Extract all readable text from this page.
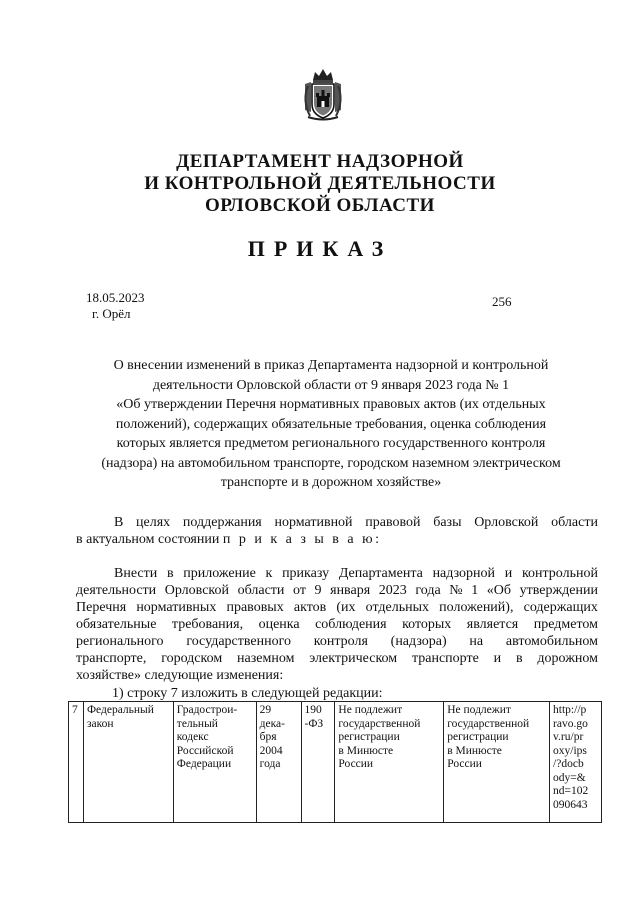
ДЕПАРТАМЕНТ НАДЗОРНОЙ
И КОНТРОЛЬНОЙ ДЕЯТЕЛЬНОСТИ
ОРЛОВСКОЙ ОБЛАСТИ
ПРИКАЗ
18.05.2023
г. Орёл
256
О внесении изменений в приказ Департамента надзорной и контрольной
деятельности Орловской области от 9 января 2023 года № 1
«Об утверждении Перечня нормативных правовых актов (их отдельных
положений), содержащих обязательные требования, оценка соблюдения
которых является предметом регионального государственного контроля
(надзора) на автомобильном транспорте, городском наземном электрическом
транспорте и в дорожном хозяйстве»
В целях поддержания нормативной правовой базы Орловской области
в актуальном состоянии
п р и к а з ы в а ю:
Внести в приложение к приказу Департамента надзорной и контрольной
деятельности Орловской области от 9 января 2023 года № 1 «Об утверждении
Перечня нормативных правовых актов (их отдельных положений), содержащих
обязательные требования, оценка соблюдения которых является предметом
регионального государственного контроля (надзора) на автомобильном
транспорте, городском наземном электрическом транспорте и в дорожном
хозяйстве»
следующие
изменения:
1) строку 7 изложить в следующей редакции:
7	Федеральный
закон	Градострои-
тельный
кодекс
Российской
Федерации	29
дека-
бря
2004
года	190
-ФЗ	Не подлежит
государственной
регистрации
в Минюсте
России	Не подлежит
государственной
регистрации
в Минюсте
России	http://p
ravo.go
v.ru/pr
oxy/ips
/?docb
ody=&
nd=102
090643
